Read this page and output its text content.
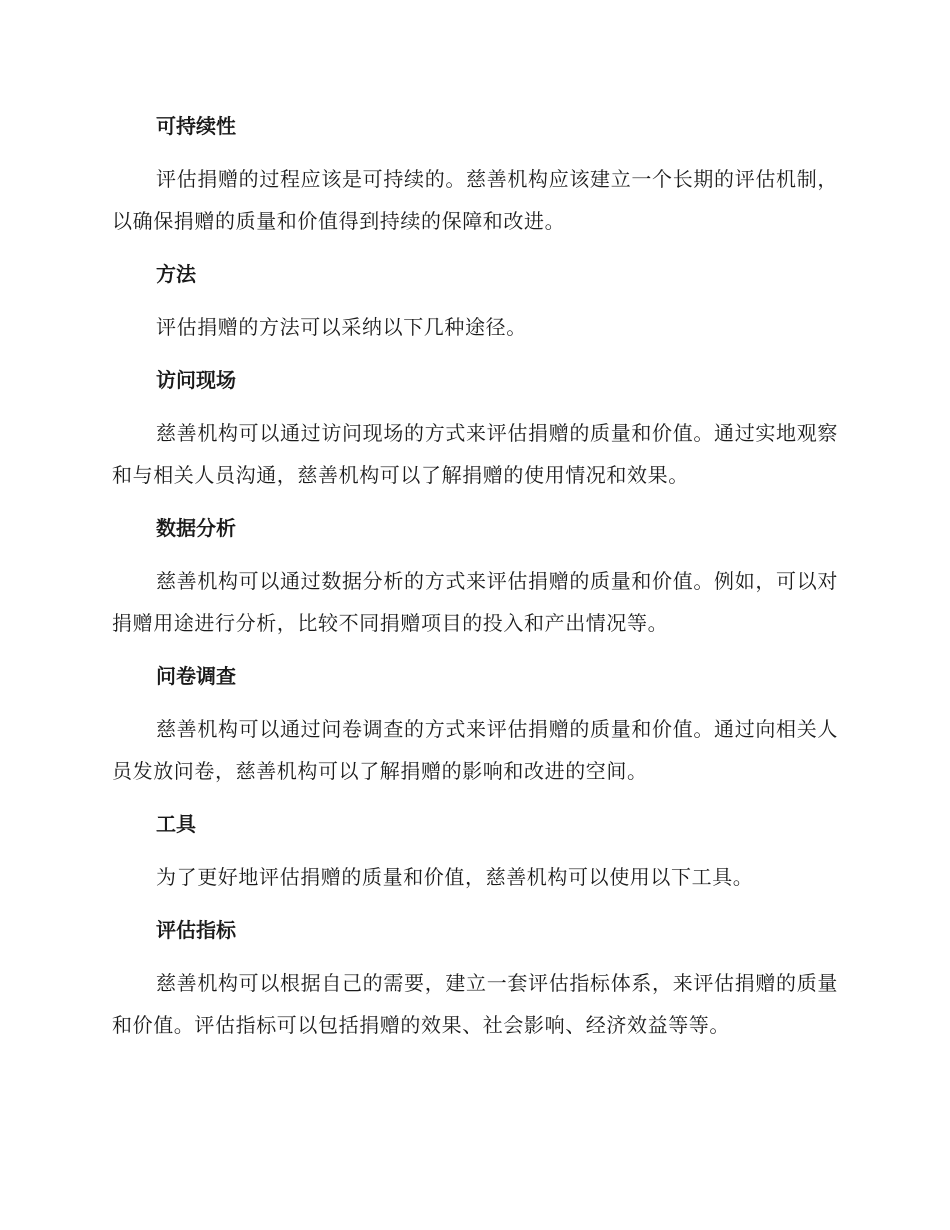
可持续性

评估捐赠的过程应该是可持续的。慈善机构应该建立一个长期的评估机制，以确保捐赠的质量和价值得到持续的保障和改进。

方法

评估捐赠的方法可以采纳以下几种途径。

访问现场

慈善机构可以通过访问现场的方式来评估捐赠的质量和价值。通过实地观察和与相关人员沟通，慈善机构可以了解捐赠的使用情况和效果。

数据分析

慈善机构可以通过数据分析的方式来评估捐赠的质量和价值。例如，可以对捐赠用途进行分析，比较不同捐赠项目的投入和产出情况等。

问卷调查

慈善机构可以通过问卷调查的方式来评估捐赠的质量和价值。通过向相关人员发放问卷，慈善机构可以了解捐赠的影响和改进的空间。

工具

为了更好地评估捐赠的质量和价值，慈善机构可以使用以下工具。

评估指标

慈善机构可以根据自己的需要，建立一套评估指标体系，来评估捐赠的质量和价值。评估指标可以包括捐赠的效果、社会影响、经济效益等等。
